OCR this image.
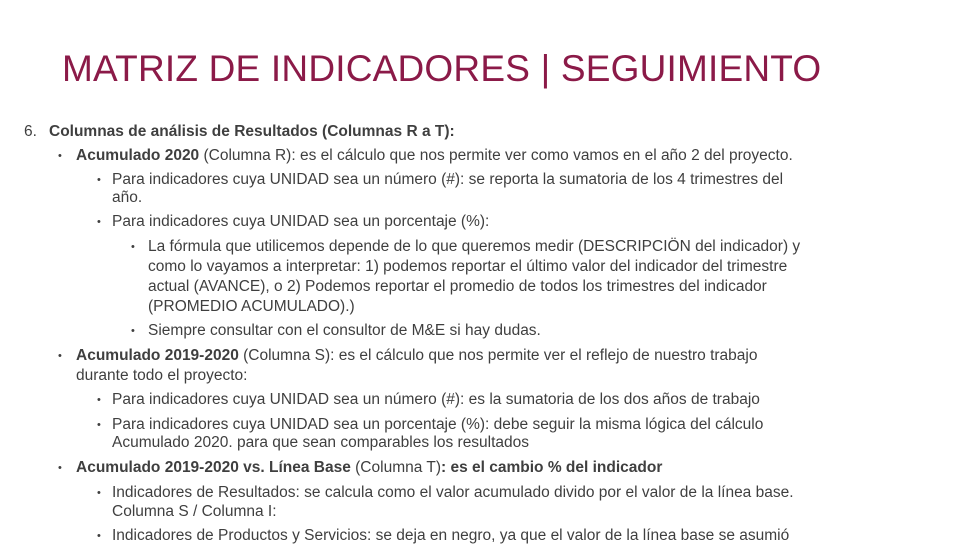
MATRIZ DE INDICADORES | SEGUIMIENTO
6. Columnas de análisis de Resultados (Columnas R a T):
• Acumulado 2020 (Columna R): es el cálculo que nos permite ver como vamos en el año 2 del proyecto.
• Para indicadores cuya UNIDAD sea un número (#): se reporta la sumatoria de los 4 trimestres del
año.
• Para indicadores cuya UNIDAD sea un porcentaje (%):
• La fórmula que utilicemos depende de lo que queremos medir (DESCRIPCIÖN del indicador) y
como lo vayamos a interpretar: 1) podemos reportar el último valor del indicador del trimestre
actual (AVANCE), o 2) Podemos reportar el promedio de todos los trimestres del indicador
(PROMEDIO ACUMULADO).)
• Siempre consultar con el consultor de M&E si hay dudas.
• Acumulado 2019-2020 (Columna S): es el cálculo que nos permite ver el reflejo de nuestro trabajo
durante todo el proyecto:
• Para indicadores cuya UNIDAD sea un número (#): es la sumatoria de los dos años de trabajo
• Para indicadores cuya UNIDAD sea un porcentaje (%): debe seguir la misma lógica del cálculo
Acumulado 2020. para que sean comparables los resultados
• Acumulado 2019-2020 vs. Línea Base (Columna T): es el cambio % del indicador
• Indicadores de Resultados: se calcula como el valor acumulado divido por el valor de la línea base.
Columna S / Columna I:
• Indicadores de Productos y Servicios: se deja en negro, ya que el valor de la línea base se asumió
